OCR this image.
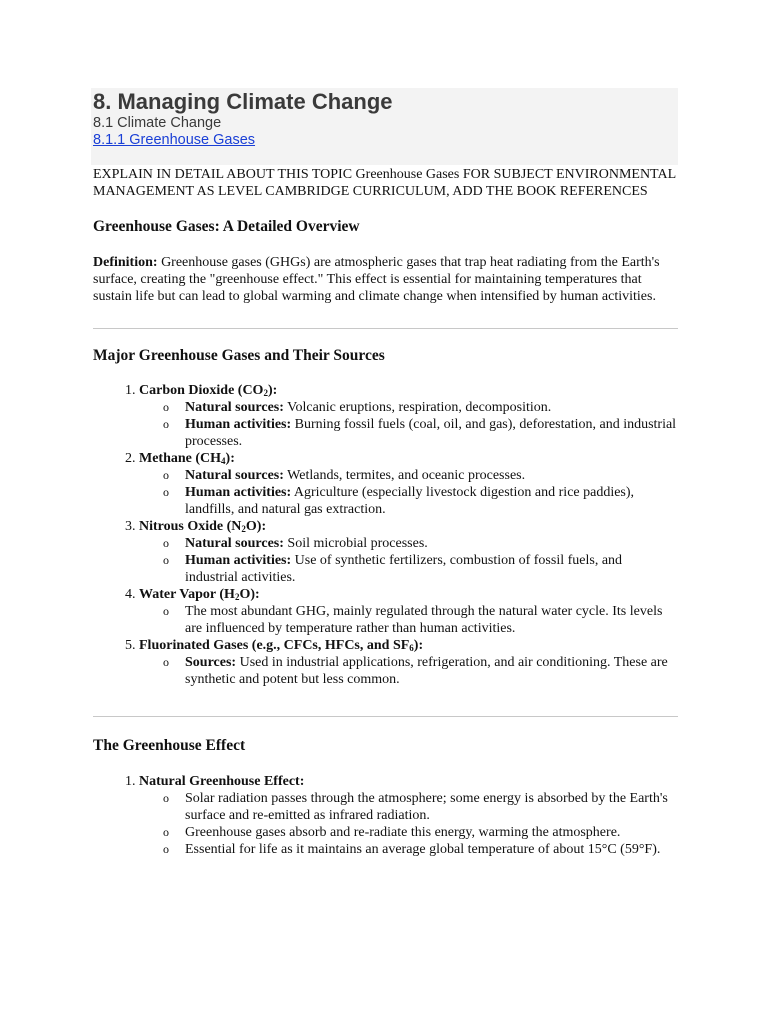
8. Managing Climate Change
8.1 Climate Change
8.1.1 Greenhouse Gases
EXPLAIN IN DETAIL ABOUT THIS TOPIC Greenhouse Gases FOR SUBJECT ENVIRONMENTAL MANAGEMENT AS LEVEL CAMBRIDGE CURRICULUM, ADD THE BOOK REFERENCES
Greenhouse Gases: A Detailed Overview
Definition: Greenhouse gases (GHGs) are atmospheric gases that trap heat radiating from the Earth's surface, creating the "greenhouse effect." This effect is essential for maintaining temperatures that sustain life but can lead to global warming and climate change when intensified by human activities.
Major Greenhouse Gases and Their Sources
1. Carbon Dioxide $(CO_2)$:
o Natural sources: Volcanic eruptions, respiration, decomposition.
o Human activities: Burning fossil fuels (coal, oil, and gas), deforestation, and industrial processes.
2. Methane $(CH_4)$:
o Natural sources: Wetlands, termites, and oceanic processes.
o Human activities: Agriculture (especially livestock digestion and rice paddies), landfills, and natural gas extraction.
3. Nitrous Oxide $(N_2O)$:
o Natural sources: Soil microbial processes.
o Human activities: Use of synthetic fertilizers, combustion of fossil fuels, and industrial activities.
4. Water Vapor $(H_2O)$:
o The most abundant GHG, mainly regulated through the natural water cycle. Its levels are influenced by temperature rather than human activities.
5. Fluorinated Gases (e.g., CFCs, HFCs, and $SF_6$):
o Sources: Used in industrial applications, refrigeration, and air conditioning. These are synthetic and potent but less common.
The Greenhouse Effect
1. Natural Greenhouse Effect:
o Solar radiation passes through the atmosphere; some energy is absorbed by the Earth's surface and re-emitted as infrared radiation.
o Greenhouse gases absorb and re-radiate this energy, warming the atmosphere.
o Essential for life as it maintains an average global temperature of about 15°C (59°F).
